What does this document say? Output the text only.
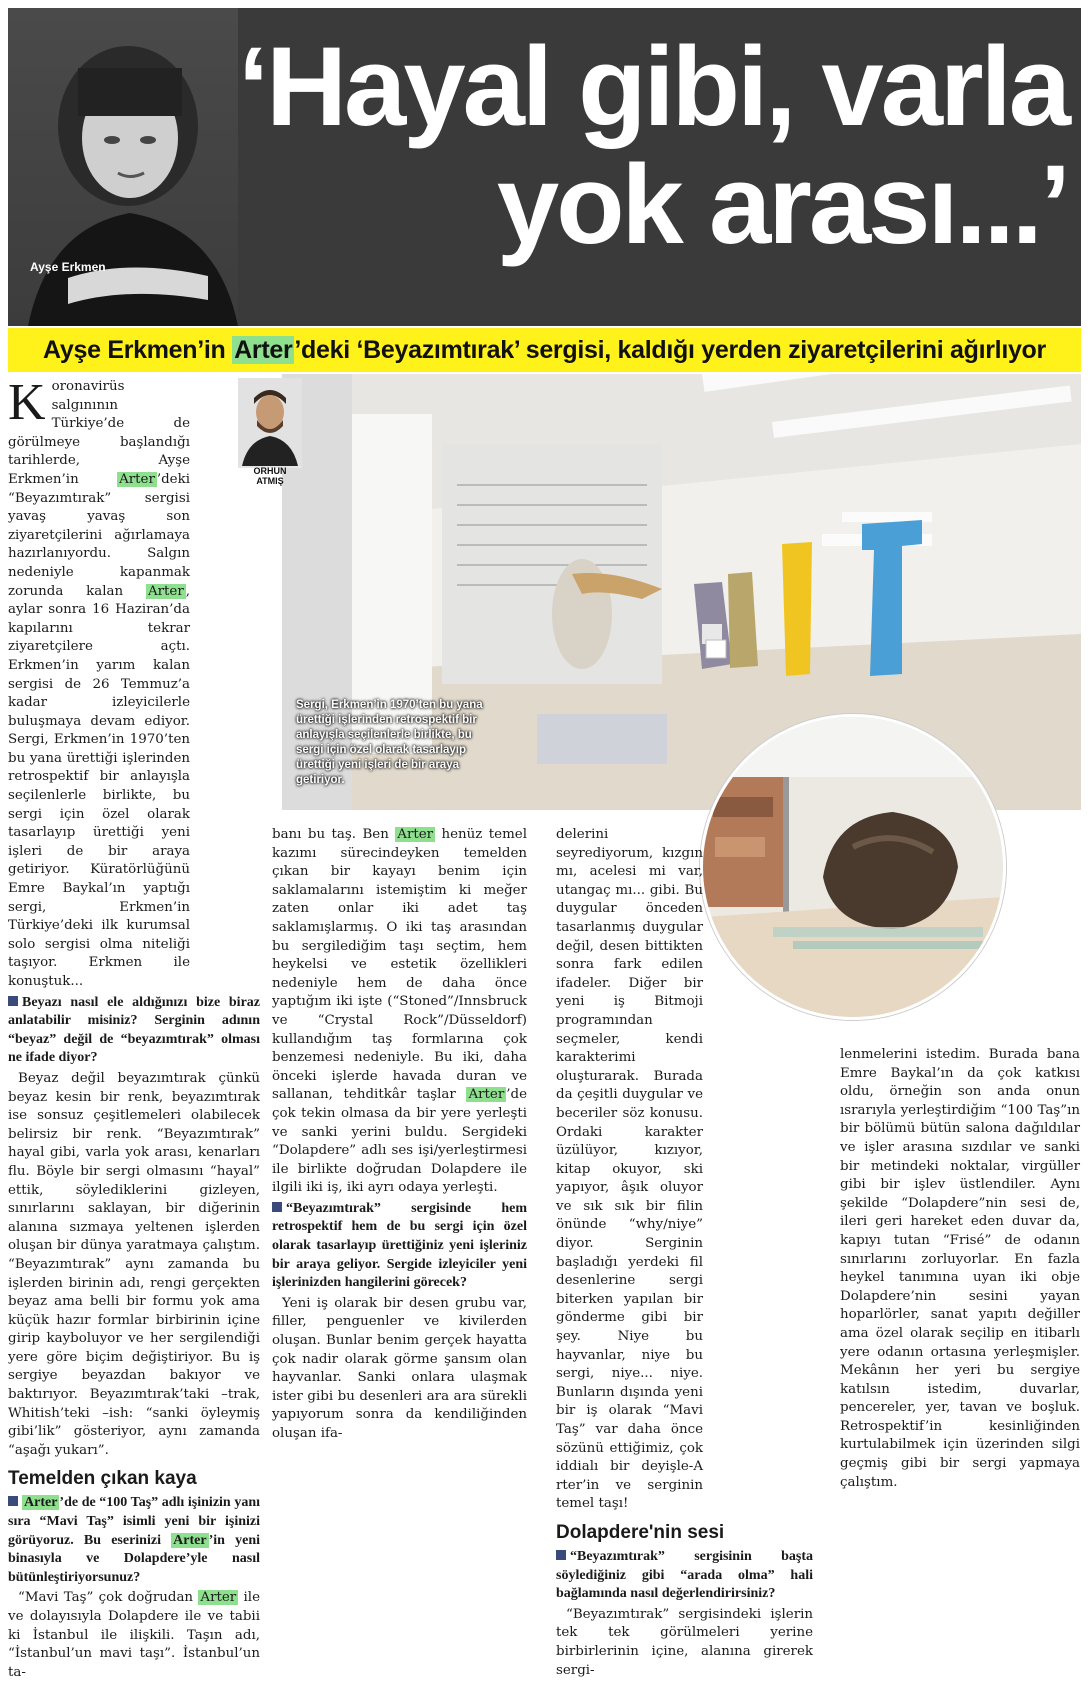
‘Hayal gibi, varla
yok arası...’
Ayşe Erkmen
Ayşe Erkmen’in Arter’deki ‘Beyazımtırak’ sergisi, kaldığı yerden ziyaretçilerini ağırlıyor
Sergi, Erkmen’in 1970’ten bu yana ürettiği işlerinden retrospektif bir anlayışla seçilenlerle birlikte, bu sergi için özel olarak tasarlayıp ürettiği yeni işleri de bir araya getiriyor.
ORHUN
ATMIŞ

Koronavirüs salgınının Türkiye’de de görülmeye başlandığı tarihlerde, Ayşe Erkmen’in Arter ’deki “Beyazımtırak” sergisi yavaş yavaş son ziyaretçilerini ağırlamaya hazırlanıyordu. Salgın nedeniyle kapanmak zorunda kalan Arter , aylar sonra 16 Haziran’da kapılarını tekrar ziyaretçilere açtı. Erkmen’in yarım kalan sergisi de 26 Temmuz’a kadar izleyicilerle buluşmaya devam ediyor. Sergi, Erkmen’in 1970’ten bu yana ürettiği işlerinden retrospektif bir anlayışla seçilenlerle birlikte, bu sergi için özel olarak tasarlayıp ürettiği yeni işleri de bir araya getiriyor. Küratörlüğünü Emre Baykal’ın yaptığı sergi, Erkmen’in Türkiye’deki ilk kurumsal solo sergisi olma niteliği taşıyor. Erkmen ile konuştuk...

Beyazı nasıl ele aldığınızı bize biraz anlatabilir misiniz? Serginin adının “beyaz” değil de “beyazımtırak” olması ne ifade diyor?

Beyaz değil beyazımtırak çünkü beyaz kesin bir renk, beyazımtırak ise sonsuz çeşitlemeleri olabilecek belirsiz bir renk. “Beyazımtırak” hayal gibi, varla yok arası, kenarları flu. Böyle bir sergi olmasını “hayal” ettik, söylediklerini gizleyen, sınırlarını saklayan, bir diğerinin alanına sızmaya yeltenen işlerden oluşan bir dünya yaratmaya çalıştım. “Beyazımtırak” aynı zamanda bu işlerden birinin adı, rengi gerçekten beyaz ama belli bir formu yok ama küçük hazır formlar birbirinin içine girip kayboluyor ve her sergilendiği yere göre biçim değiştiriyor. Bu iş sergiye beyazdan bakıyor ve baktırıyor. Beyazımtırak’taki –trak, Whitish’teki –ish: “sanki öyleymiş gibi’lik” gösteriyor, aynı zamanda “aşağı yukarı”.

Temelden çıkan kaya

Arter ’de de “100 Taş” adlı işinizin yanı sıra “Mavi Taş” isimli yeni bir işinizi görüyoruz. Bu eserinizi Arter ’in yeni binasıyla ve Dolapdere’yle nasıl bütünleştiriyorsunuz?

“Mavi Taş” çok doğrudan Arter ile ve dolayısıyla Dolapdere ile ve tabii ki İstanbul ile ilişkili. Taşın adı, “İstanbul’un mavi taşı”. İstanbul’un ta-

banı bu taş. Ben Arter henüz temel kazımı sürecindeyken temelden çıkan bir kayayı benim için saklamalarını istemiştim ki meğer zaten onlar iki adet taş saklamışlarmış. O iki taş arasından bu sergilediğim taşı seçtim, hem heykelsi ve estetik özellikleri nedeniyle hem de daha önce yaptığım iki işte (“Stoned”/Innsbruck ve “Crystal Rock”/Düsseldorf) kullandığım taş formlarına çok benzemesi nedeniyle. Bu iki, daha önceki işlerde havada duran ve sallanan, tehditkâr taşlar Arter ’de çok tekin olmasa da bir yere yerleşti ve sanki yerini buldu. Sergideki “Dolapdere” adlı ses işi/yerleştirmesi ile birlikte doğrudan Dolapdere ile ilgili iki iş, iki ayrı odaya yerleşti.

“Beyazımtırak” sergisinde hem retrospektif hem de bu sergi için özel olarak tasarlayıp ürettiğiniz yeni işleriniz bir araya geliyor. Sergide izleyiciler yeni işlerinizden hangilerini görecek?

Yeni iş olarak bir desen grubu var, filler, penguenler ve kivilerden oluşan. Bunlar benim gerçek hayatta çok nadir olarak görme şansım olan hayvanlar. Sanki onlara ulaşmak ister gibi bu desenleri ara ara sürekli yapıyorum sonra da kendiliğinden oluşan ifa-

delerini seyrediyorum, kızgın mı, acelesi mi var, utangaç mı... gibi. Bu duygular önceden tasarlanmış duygular değil, desen bittikten sonra fark edilen ifadeler. Diğer bir yeni iş Bitmoji programından seçmeler, kendi karakterimi oluşturarak. Burada da çeşitli duygular ve beceriler söz konusu. Ordaki karakter üzülüyor, kızıyor, kitap okuyor, ski yapıyor, âşık oluyor ve sık sık bir filin önünde “why/niye” diyor. Serginin başladığı yerdeki fil desenlerine sergi biterken yapılan bir gönderme gibi bir şey. Niye bu hayvanlar, niye bu sergi, niye... niye. Bunların dışında yeni bir iş olarak “Mavi Taş” var daha önce sözünü ettiğimiz, çok iddialı bir deyişle-A rter’in ve serginin temel taşı!

Dolapdere'nin sesi

“Beyazımtırak” sergisinin başta söylediğiniz gibi “arada olma” hali bağlamında nasıl değerlendirirsiniz?

“Beyazımtırak” sergisindeki işlerin tek tek görülmeleri yerine birbirlerinin içine, alanına girerek sergi-

lenmelerini istedim. Burada bana Emre Baykal’ın da çok katkısı oldu, örneğin son anda onun ısrarıyla yerleştirdiğim “100 Taş”ın bir bölümü bütün salona dağıldılar ve işler arasına sızdılar ve sanki bir metindeki noktalar, virgüller gibi bir işlev üstlendiler. Aynı şekilde “Dolapdere”nin sesi de, ileri geri hareket eden duvar da, kapıyı tutan “Frisé” de odanın sınırlarını zorluyorlar. En fazla heykel tanımına uyan iki obje Dolapdere’nin sesini yayan hoparlörler, sanat yapıtı değiller ama özel olarak seçilip en itibarlı yere odanın ortasına yerleşmişler. Mekânın her yeri bu sergiye katılsın istedim, duvarlar, pencereler, yer, tavan ve boşluk. Retrospektif’in kesinliğinden kurtulabilmek için üzerinden silgi geçmiş gibi bir sergi yapmaya çalıştım.
